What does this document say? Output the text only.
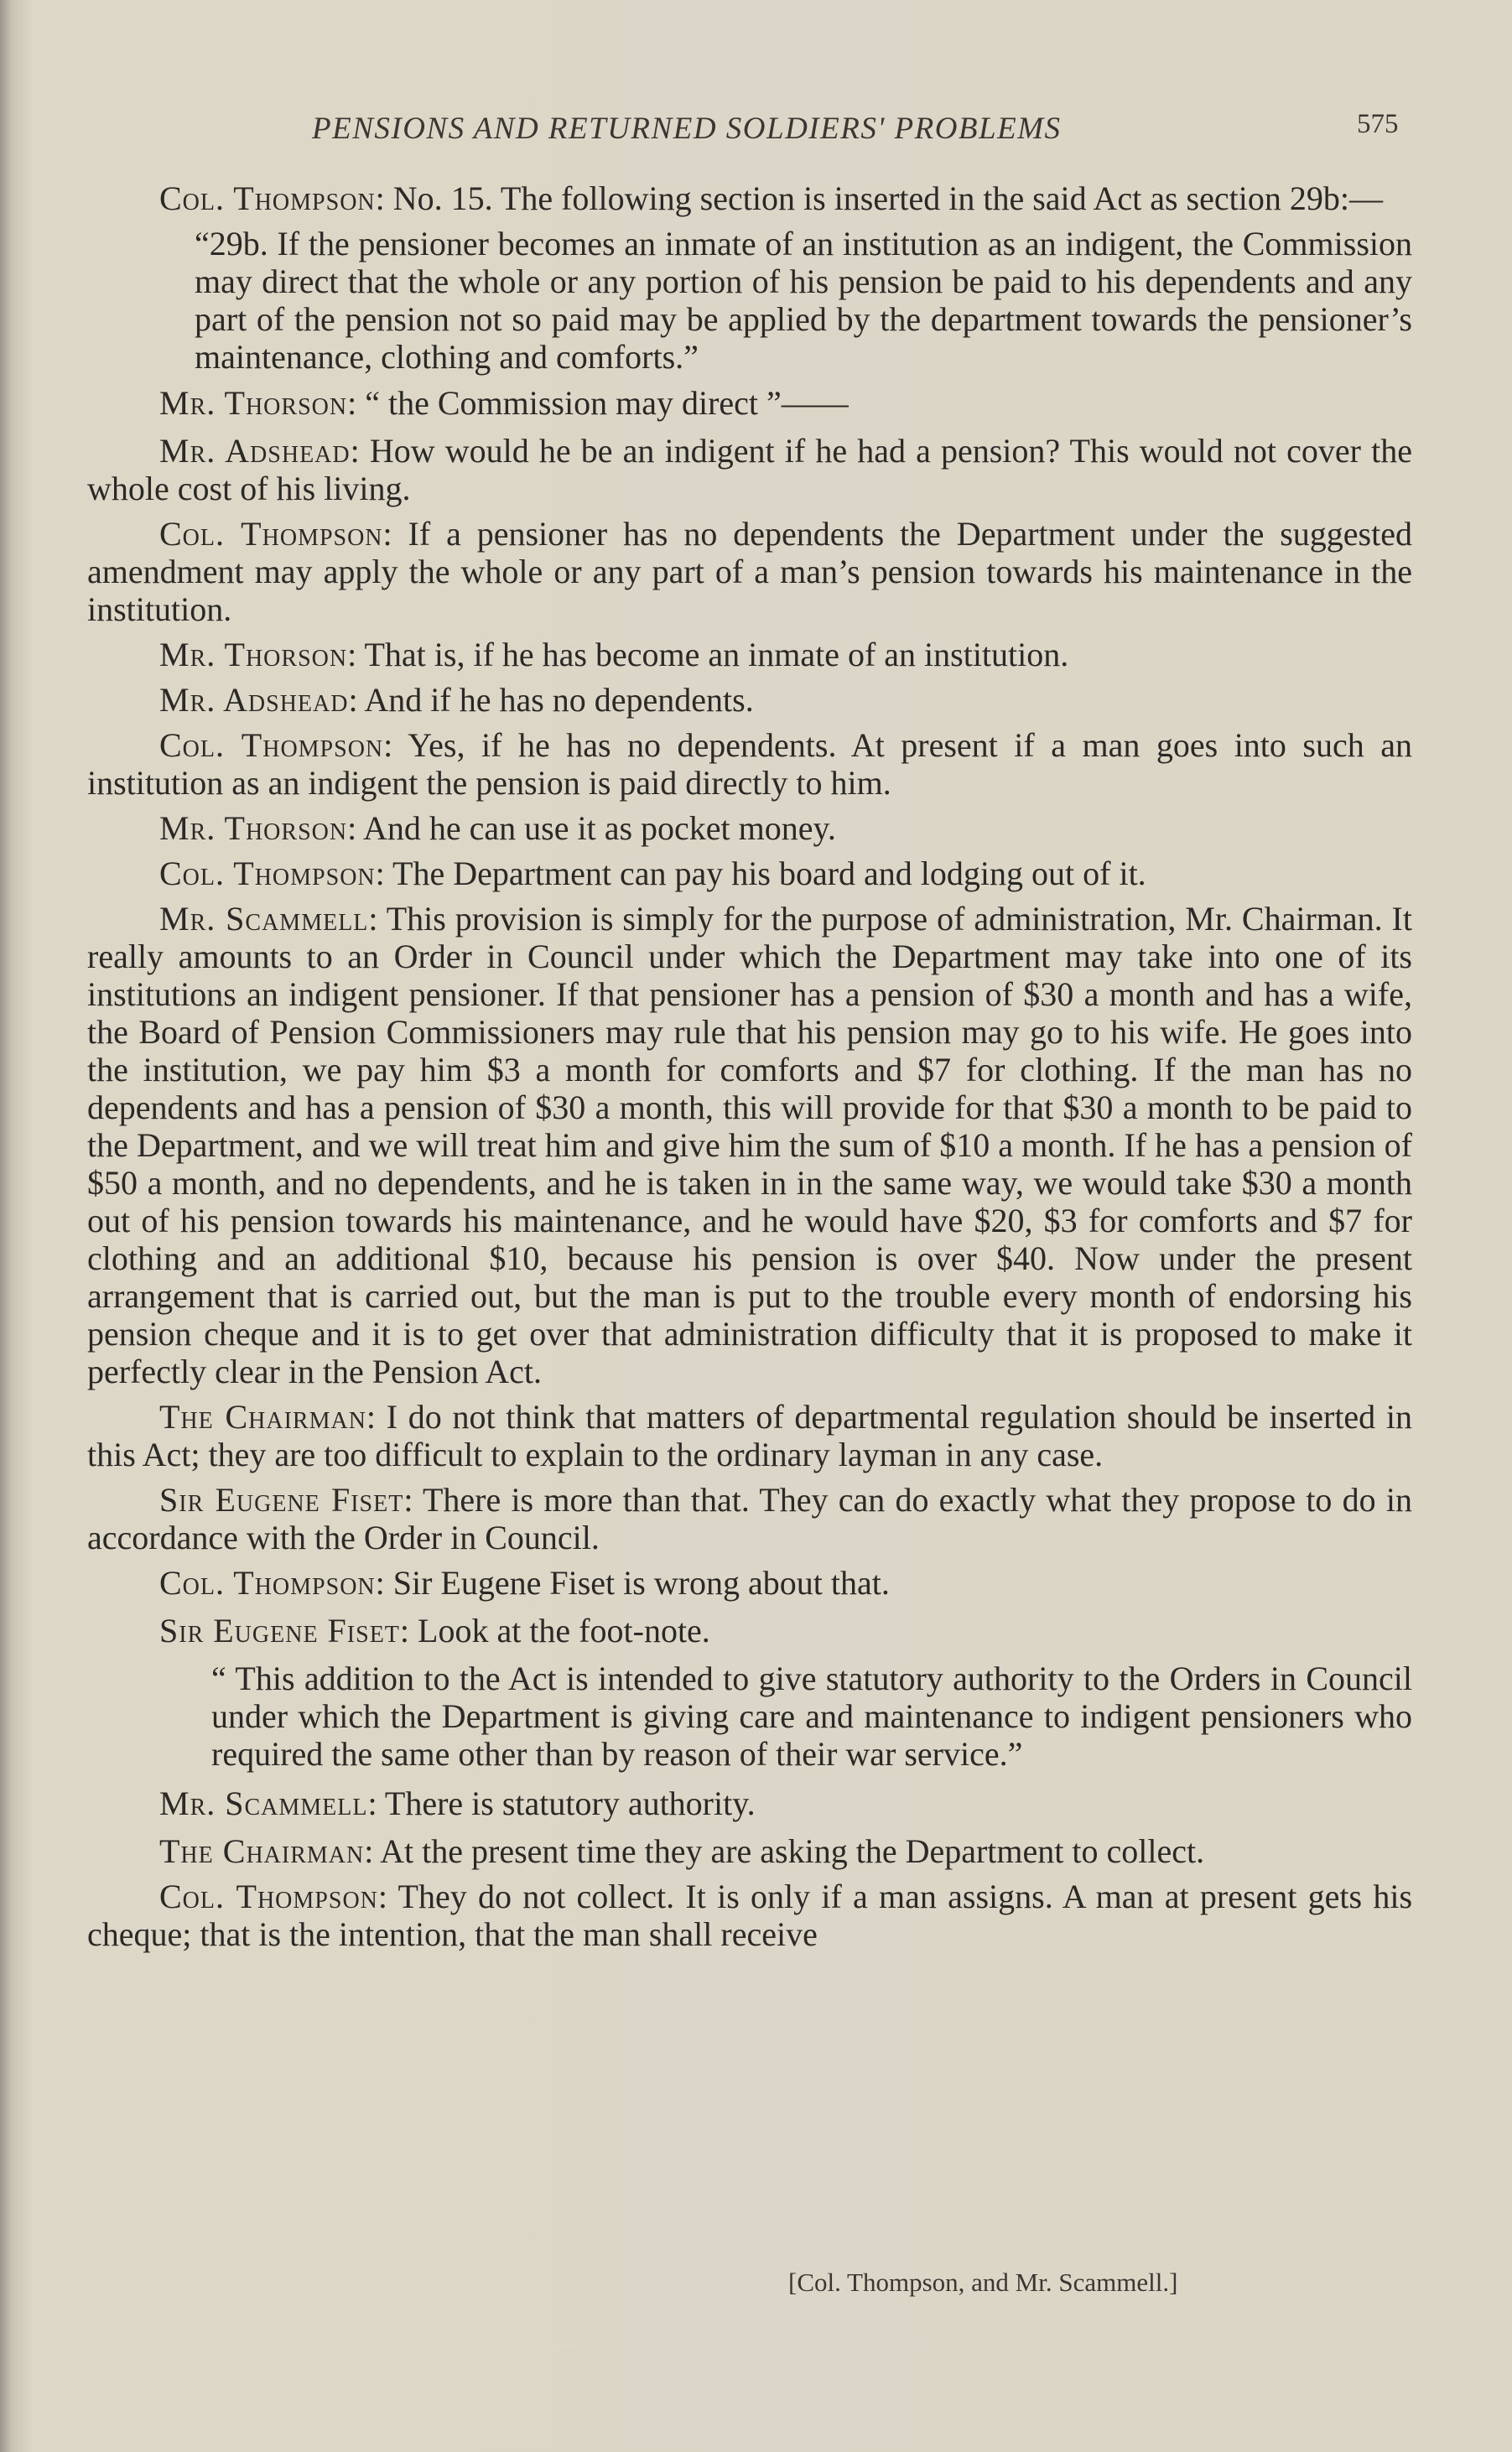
PENSIONS AND RETURNED SOLDIERS' PROBLEMS	575

Col. Thompson: No. 15. The following section is inserted in the said Act as section 29b:—

“29b. If the pensioner becomes an inmate of an institution as an indigent, the Commission may direct that the whole or any portion of his pension be paid to his dependents and any part of the pension not so paid may be applied by the department towards the pensioner’s maintenance, clothing and comforts.”

Mr. Thorson: “ the Commission may direct ”——

Mr. Adshead: How would he be an indigent if he had a pension? This would not cover the whole cost of his living.

Col. Thompson: If a pensioner has no dependents the Department under the suggested amendment may apply the whole or any part of a man’s pension towards his maintenance in the institution.

Mr. Thorson: That is, if he has become an inmate of an institution.

Mr. Adshead: And if he has no dependents.

Col. Thompson: Yes, if he has no dependents. At present if a man goes into such an institution as an indigent the pension is paid directly to him.

Mr. Thorson: And he can use it as pocket money.

Col. Thompson: The Department can pay his board and lodging out of it.

Mr. Scammell: This provision is simply for the purpose of administration, Mr. Chairman. It really amounts to an Order in Council under which the Department may take into one of its institutions an indigent pensioner. If that pensioner has a pension of $30 a month and has a wife, the Board of Pension Commissioners may rule that his pension may go to his wife. He goes into the institution, we pay him $3 a month for comforts and $7 for clothing. If the man has no dependents and has a pension of $30 a month, this will provide for that $30 a month to be paid to the Department, and we will treat him and give him the sum of $10 a month. If he has a pension of $50 a month, and no dependents, and he is taken in in the same way, we would take $30 a month out of his pension towards his maintenance, and he would have $20, $3 for comforts and $7 for clothing and an additional $10, because his pension is over $40. Now under the present arrangement that is carried out, but the man is put to the trouble every month of endorsing his pension cheque and it is to get over that administration difficulty that it is proposed to make it perfectly clear in the Pension Act.

The Chairman: I do not think that matters of departmental regulation should be inserted in this Act; they are too difficult to explain to the ordinary layman in any case.

Sir Eugene Fiset: There is more than that. They can do exactly what they propose to do in accordance with the Order in Council.

Col. Thompson: Sir Eugene Fiset is wrong about that.

Sir Eugene Fiset: Look at the foot-note.

“ This addition to the Act is intended to give statutory authority to the Orders in Council under which the Department is giving care and maintenance to indigent pensioners who required the same other than by reason of their war service.”

Mr. Scammell: There is statutory authority.

The Chairman: At the present time they are asking the Department to collect.

Col. Thompson: They do not collect. It is only if a man assigns. A man at present gets his cheque; that is the intention, that the man shall receive

[Col. Thompson, and Mr. Scammell.]
